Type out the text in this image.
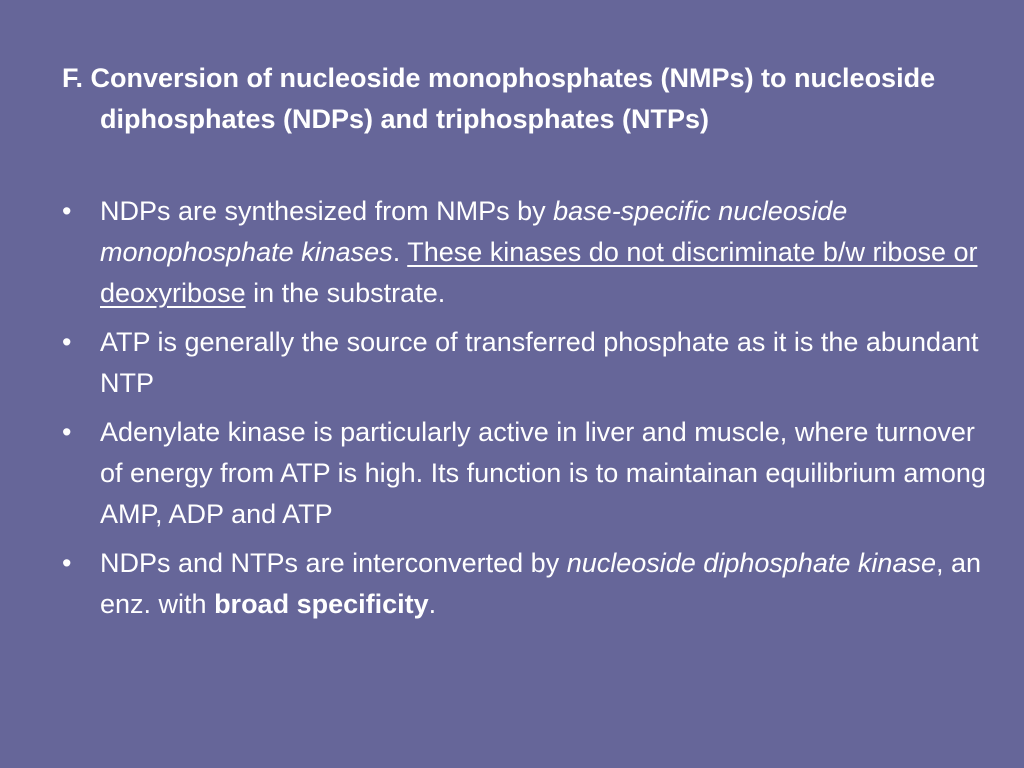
F. Conversion of nucleoside monophosphates (NMPs) to nucleoside diphosphates (NDPs) and triphosphates (NTPs)

•	NDPs are synthesized from NMPs by base-specific nucleoside monophosphate kinases. These kinases do not discriminate b/w ribose or deoxyribose in the substrate.
•	ATP is generally the source of transferred phosphate as it is the abundant NTP
•	Adenylate kinase is particularly active in liver and muscle, where turnover of energy from ATP is high. Its function is to maintainan equilibrium among AMP, ADP and ATP
•	NDPs and NTPs are interconverted by nucleoside diphosphate kinase, an enz. with broad specificity.
